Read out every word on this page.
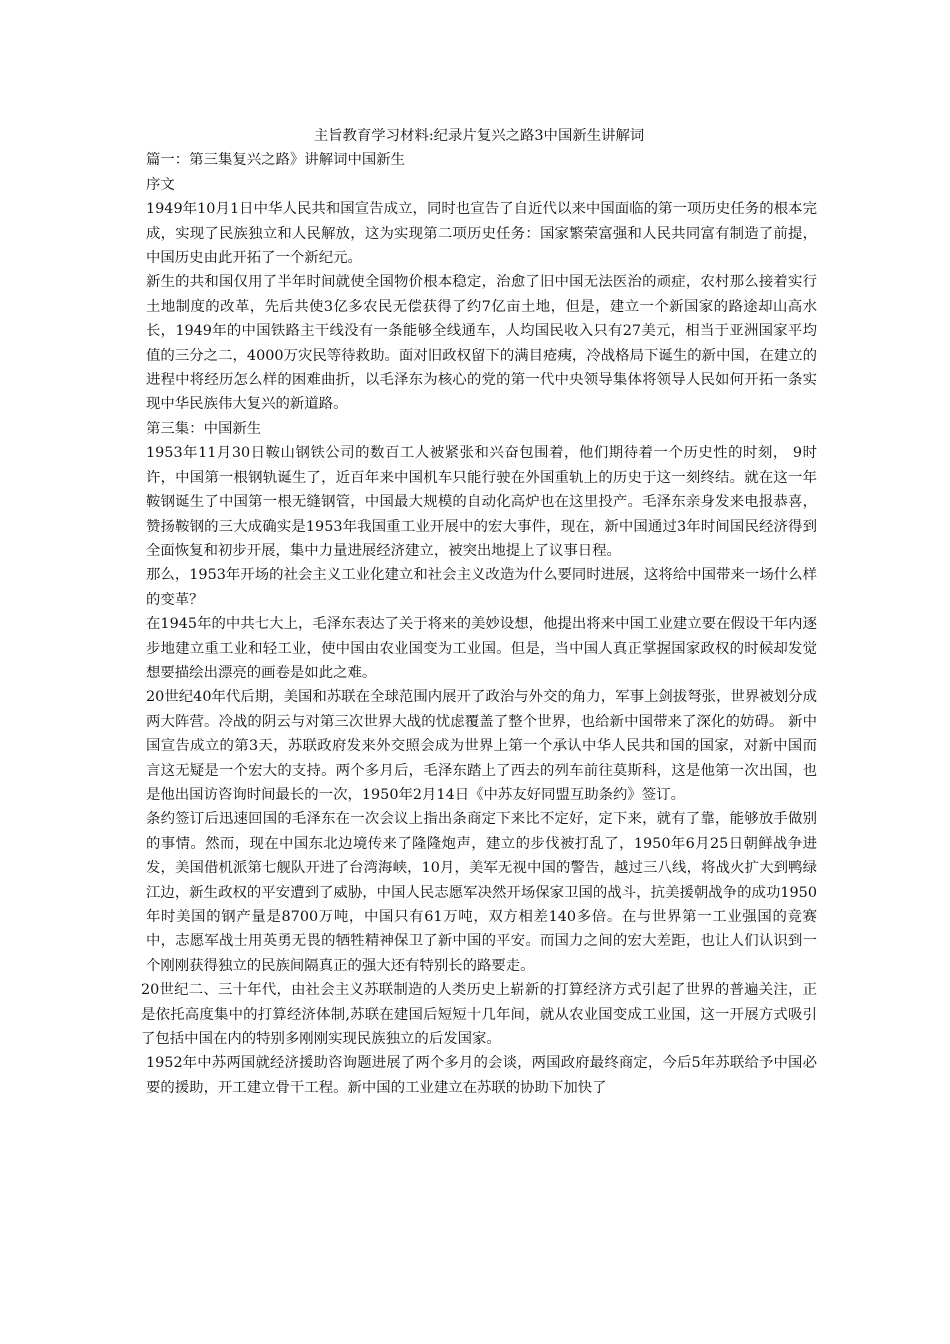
主旨教育学习材料:纪录片复兴之路3中国新生讲解词

篇一：第三集复兴之路》讲解词中国新生

序文

1949年10月1日中华人民共和国宣告成立，同时也宣告了自近代以来中国面临的第一项历史任务的根本完成，实现了民族独立和人民解放，这为实现第二项历史任务：国家繁荣富强和人民共同富有制造了前提，中国历史由此开拓了一个新纪元。

新生的共和国仅用了半年时间就使全国物价根本稳定，治愈了旧中国无法医治的顽症，农村那么接着实行土地制度的改革，先后共使3亿多农民无偿获得了约7亿亩土地，但是，建立一个新国家的路途却山高水长，1949年的中国铁路主干线没有一条能够全线通车，人均国民收入只有27美元，相当于亚洲国家平均值的三分之二，4000万灾民等待救助。面对旧政权留下的满目疮痍，冷战格局下诞生的新中国，在建立的进程中将经历怎么样的困难曲折，以毛泽东为核心的党的第一代中央领导集体将领导人民如何开拓一条实现中华民族伟大复兴的新道路。

第三集：中国新生

1953年11月30日鞍山钢铁公司的数百工人被紧张和兴奋包围着，他们期待着一个历史性的时刻， 9时许，中国第一根钢轨诞生了，近百年来中国机车只能行驶在外国重轨上的历史于这一刻终结。就在这一年鞍钢诞生了中国第一根无缝钢管，中国最大规模的自动化高炉也在这里投产。毛泽东亲身发来电报恭喜，赞扬鞍钢的三大成确实是1953年我国重工业开展中的宏大事件，现在，新中国通过3年时间国民经济得到全面恢复和初步开展，集中力量进展经济建立，被突出地提上了议事日程。

那么，1953年开场的社会主义工业化建立和社会主义改造为什么要同时进展，这将给中国带来一场什么样的变革？

在1945年的中共七大上，毛泽东表达了关于将来的美妙设想，他提出将来中国工业建立要在假设干年内逐步地建立重工业和轻工业，使中国由农业国变为工业国。但是，当中国人真正掌握国家政权的时候却发觉想要描绘出漂亮的画卷是如此之难。

20世纪40年代后期，美国和苏联在全球范围内展开了政治与外交的角力，军事上剑拔弩张，世界被划分成两大阵营。冷战的阴云与对第三次世界大战的忧虑覆盖了整个世界，也给新中国带来了深化的妨碍。 新中国宣告成立的第3天，苏联政府发来外交照会成为世界上第一个承认中华人民共和国的国家，对新中国而言这无疑是一个宏大的支持。两个多月后，毛泽东踏上了西去的列车前往莫斯科，这是他第一次出国，也是他出国访咨询时间最长的一次，1950年2月14日《中苏友好同盟互助条约》签订。

条约签订后迅速回国的毛泽东在一次会议上指出条商定下来比不定好，定下来，就有了靠，能够放手做别的事情。然而，现在中国东北边境传来了隆隆炮声，建立的步伐被打乱了，1950年6月25日朝鲜战争进发，美国借机派第七舰队开进了台湾海峡，10月，美军无视中国的警告，越过三八线，将战火扩大到鸭绿江边，新生政权的平安遭到了威胁，中国人民志愿军决然开场保家卫国的战斗，抗美援朝战争的成功1950年时美国的钢产量是8700万吨，中国只有61万吨，双方相差140多倍。在与世界第一工业强国的竞赛中，志愿军战士用英勇无畏的牺牲精神保卫了新中国的平安。而国力之间的宏大差距，也让人们认识到一个刚刚获得独立的民族间隔真正的强大还有特别长的路要走。

20世纪二、三十年代，由社会主义苏联制造的人类历史上崭新的打算经济方式引起了世界的普遍关注，正是依托高度集中的打算经济体制,苏联在建国后短短十几年间，就从农业国变成工业国，这一开展方式吸引了包括中国在内的特别多刚刚实现民族独立的后发国家。

1952年中苏两国就经济援助咨询题进展了两个多月的会谈，两国政府最终商定，今后5年苏联给予中国必要的援助，开工建立骨干工程。新中国的工业建立在苏联的协助下加快了
